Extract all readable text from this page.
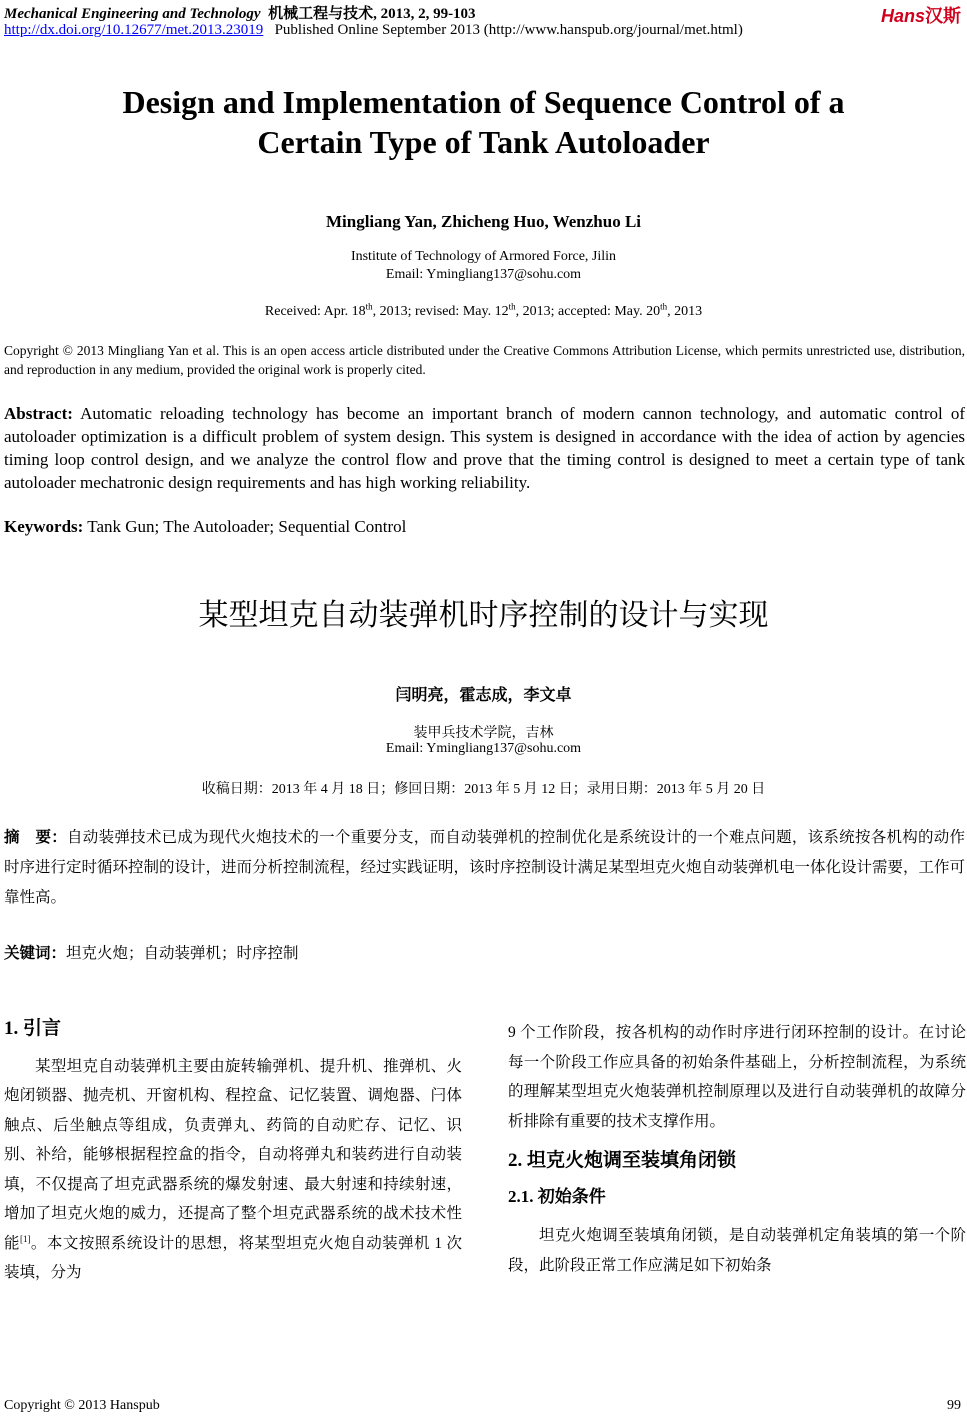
Mechanical Engineering and Technology 机械工程与技术, 2013, 2, 99-103
http://dx.doi.org/10.12677/met.2013.23019 Published Online September 2013 (http://www.hanspub.org/journal/met.html)
Hans汉斯
Design and Implementation of Sequence Control of a
Certain Type of Tank Autoloader
Mingliang Yan, Zhicheng Huo, Wenzhuo Li
Institute of Technology of Armored Force, Jilin
Email: Ymingliang137@sohu.com
Received: Apr. 18th, 2013; revised: May. 12th, 2013; accepted: May. 20th, 2013
Copyright © 2013 Mingliang Yan et al. This is an open access article distributed under the Creative Commons Attribution License, which permits unrestricted use, distribution, and reproduction in any medium, provided the original work is properly cited.
Abstract: Automatic reloading technology has become an important branch of modern cannon technology, and automatic control of autoloader optimization is a difficult problem of system design. This system is designed in accordance with the idea of action by agencies timing loop control design, and we analyze the control flow and prove that the timing control is designed to meet a certain type of tank autoloader mechatronic design requirements and has high working reliability.
Keywords: Tank Gun; The Autoloader; Sequential Control
某型坦克自动装弹机时序控制的设计与实现
闫明亮，霍志成，李文卓
装甲兵技术学院，吉林
Email: Ymingliang137@sohu.com
收稿日期：2013 年 4 月 18 日；修回日期：2013 年 5 月 12 日；录用日期：2013 年 5 月 20 日
摘　要：自动装弹技术已成为现代火炮技术的一个重要分支，而自动装弹机的控制优化是系统设计的一个难点问题，该系统按各机构的动作时序进行定时循环控制的设计，进而分析控制流程，经过实践证明，该时序控制设计满足某型坦克火炮自动装弹机电一体化设计需要，工作可靠性高。
关键词：坦克火炮；自动装弹机；时序控制
1. 引言

某型坦克自动装弹机主要由旋转输弹机、提升机、推弹机、火炮闭锁器、抛壳机、开窗机构、程控盒、记忆装置、调炮器、闩体触点、后坐触点等组成，负责弹丸、药筒的自动贮存、记忆、识别、补给，能够根据程控盒的指令，自动将弹丸和装药进行自动装填，不仅提高了坦克武器系统的爆发射速、最大射速和持续射速，增加了坦克火炮的威力，还提高了整个坦克武器系统的战术技术性能[1]。本文按照系统设计的思想，将某型坦克火炮自动装弹机 1 次装填，分为

9 个工作阶段，按各机构的动作时序进行闭环控制的设计。在讨论每一个阶段工作应具备的初始条件基础上，分析控制流程，为系统的理解某型坦克火炮装弹机控制原理以及进行自动装弹机的故障分析排除有重要的技术支撑作用。

2. 坦克火炮调至装填角闭锁
2.1. 初始条件

坦克火炮调至装填角闭锁，是自动装弹机定角装填的第一个阶段，此阶段正常工作应满足如下初始条

Copyright © 2013 Hanspub	99
